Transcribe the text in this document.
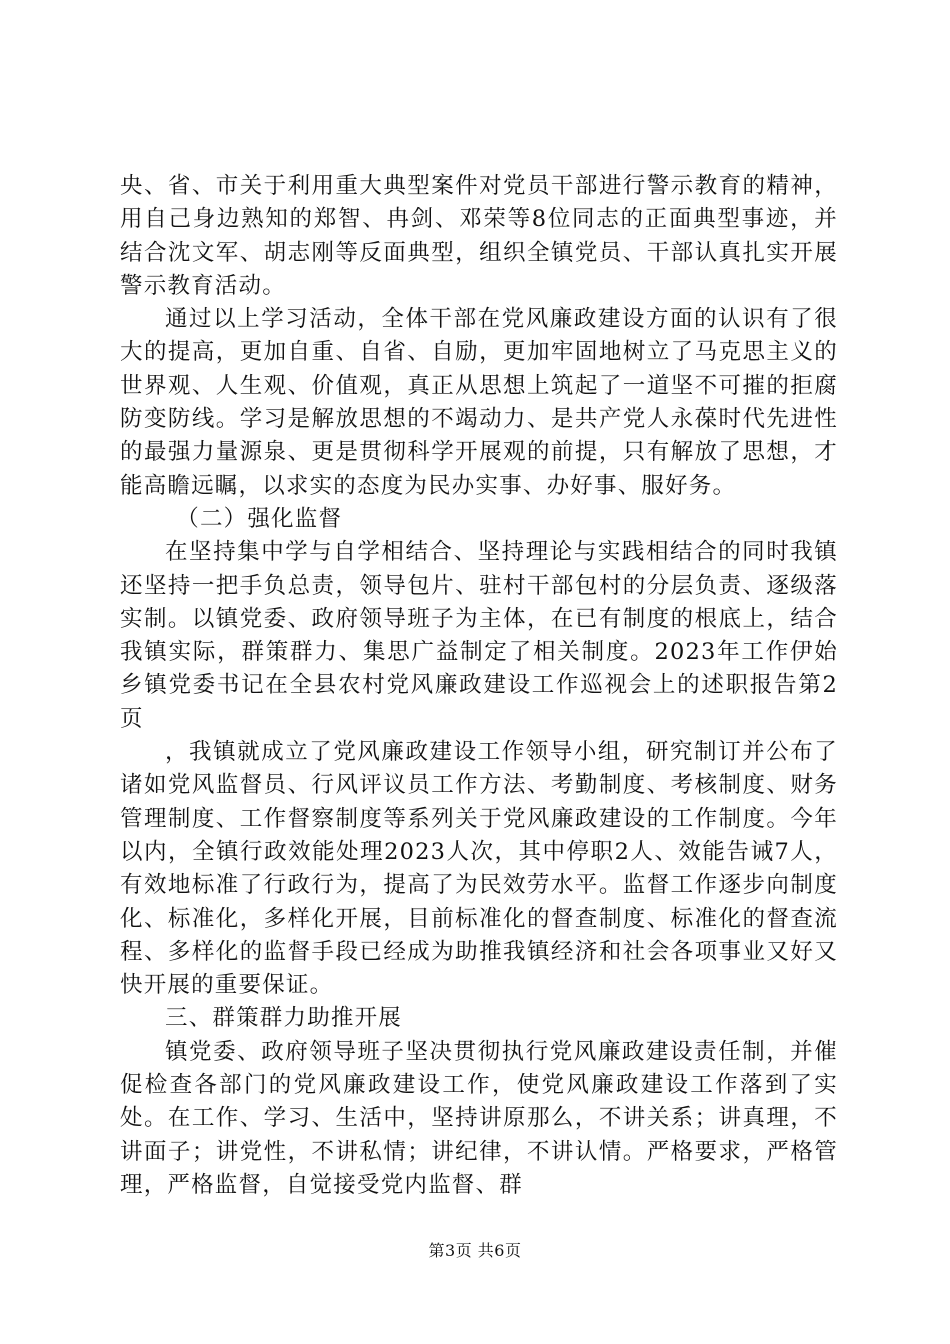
央、省、市关于利用重大典型案件对党员干部进行警示教育的精神，用自己身边熟知的郑智、冉剑、邓荣等8位同志的正面典型事迹，并结合沈文军、胡志刚等反面典型，组织全镇党员、干部认真扎实开展警示教育活动。

通过以上学习活动，全体干部在党风廉政建设方面的认识有了很大的提高，更加自重、自省、自励，更加牢固地树立了马克思主义的世界观、人生观、价值观，真正从思想上筑起了一道坚不可摧的拒腐防变防线。学习是解放思想的不竭动力、是共产党人永葆时代先进性的最强力量源泉、更是贯彻科学开展观的前提，只有解放了思想，才能高瞻远瞩，以求实的态度为民办实事、办好事、服好务。

（二）强化监督

在坚持集中学与自学相结合、坚持理论与实践相结合的同时我镇还坚持一把手负总责，领导包片、驻村干部包村的分层负责、逐级落实制。以镇党委、政府领导班子为主体，在已有制度的根底上，结合我镇实际，群策群力、集思广益制定了相关制度。2023年工作伊始乡镇党委书记在全县农村党风廉政建设工作巡视会上的述职报告第2页

，我镇就成立了党风廉政建设工作领导小组，研究制订并公布了诸如党风监督员、行风评议员工作方法、考勤制度、考核制度、财务管理制度、工作督察制度等系列关于党风廉政建设的工作制度。今年以内，全镇行政效能处理2023人次，其中停职2人、效能告诫7人，有效地标准了行政行为，提高了为民效劳水平。监督工作逐步向制度化、标准化，多样化开展，目前标准化的督查制度、标准化的督查流程、多样化的监督手段已经成为助推我镇经济和社会各项事业又好又快开展的重要保证。

三、群策群力助推开展

镇党委、政府领导班子坚决贯彻执行党风廉政建设责任制，并催促检查各部门的党风廉政建设工作，使党风廉政建设工作落到了实处。在工作、学习、生活中，坚持讲原那么，不讲关系；讲真理，不讲面子；讲党性，不讲私情；讲纪律，不讲认情。严格要求，严格管理，严格监督，自觉接受党内监督、群

第3页 共6页
